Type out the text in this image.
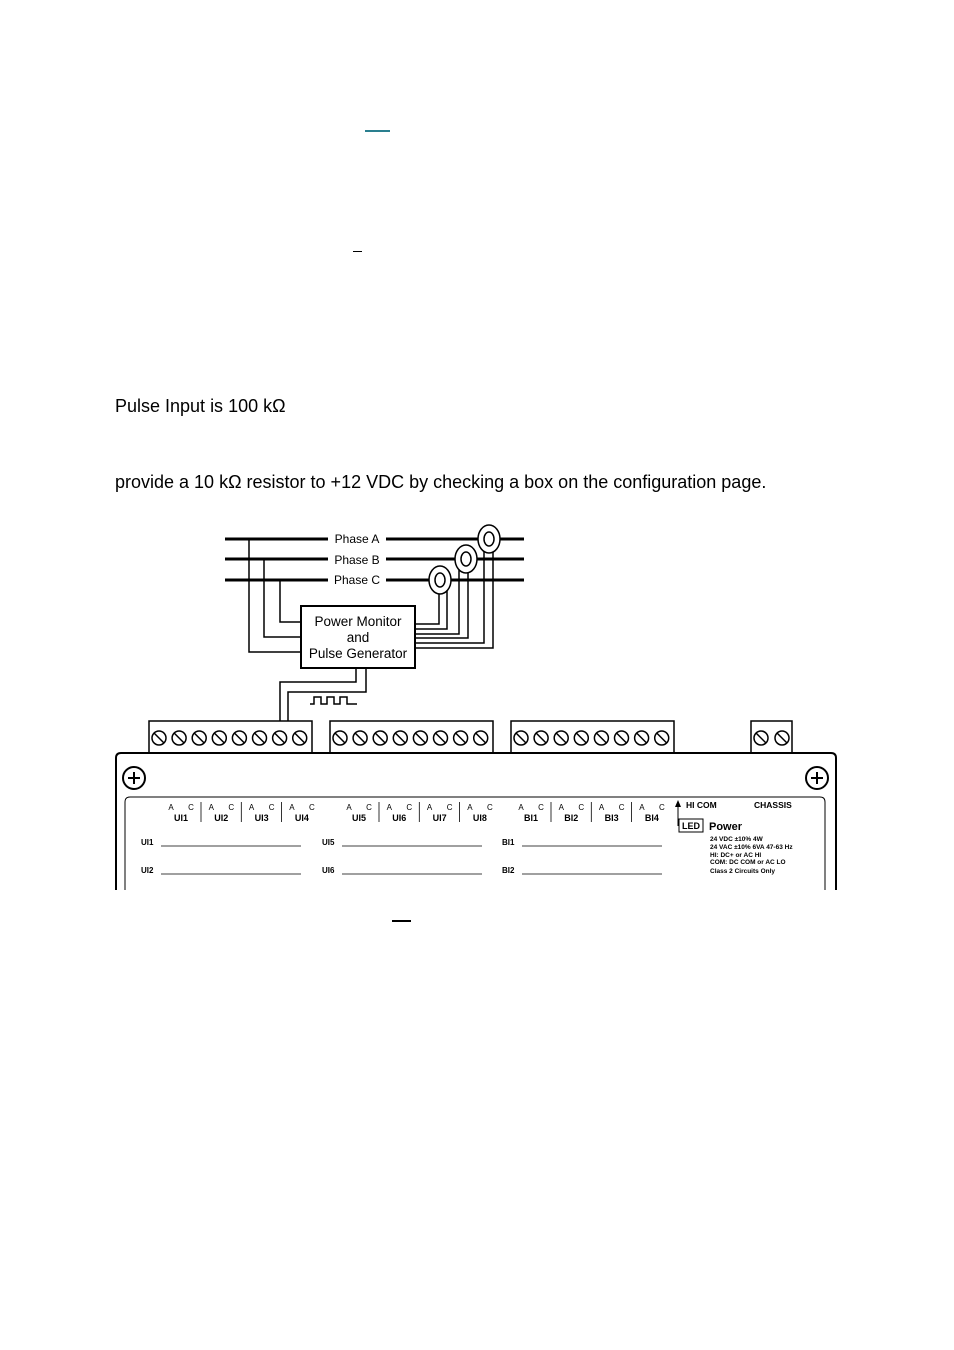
Pulse Input is 100 kΩ

provide a 10 kΩ resistor to +12 VDC by checking a box on the configuration page.

Phase A
Phase B
Phase C
Power Monitor
and
Pulse Generator
A C
UI1
A C
UI2
A C
UI3
A C
UI4
A C
UI5
A C
UI6
A C
UI7
A C
UI8
A C
BI1
A C
BI2
A C
BI3
A C
BI4
UI1
UI2
UI5
UI6
BI1
BI2
HI COM	CHASSIS
LED Power
24 VDC ±10% 4W
24 VAC ±10% 6VA 47-63 Hz
HI: DC+ or AC HI
COM: DC COM or AC LO
Class 2 Circuits Only
